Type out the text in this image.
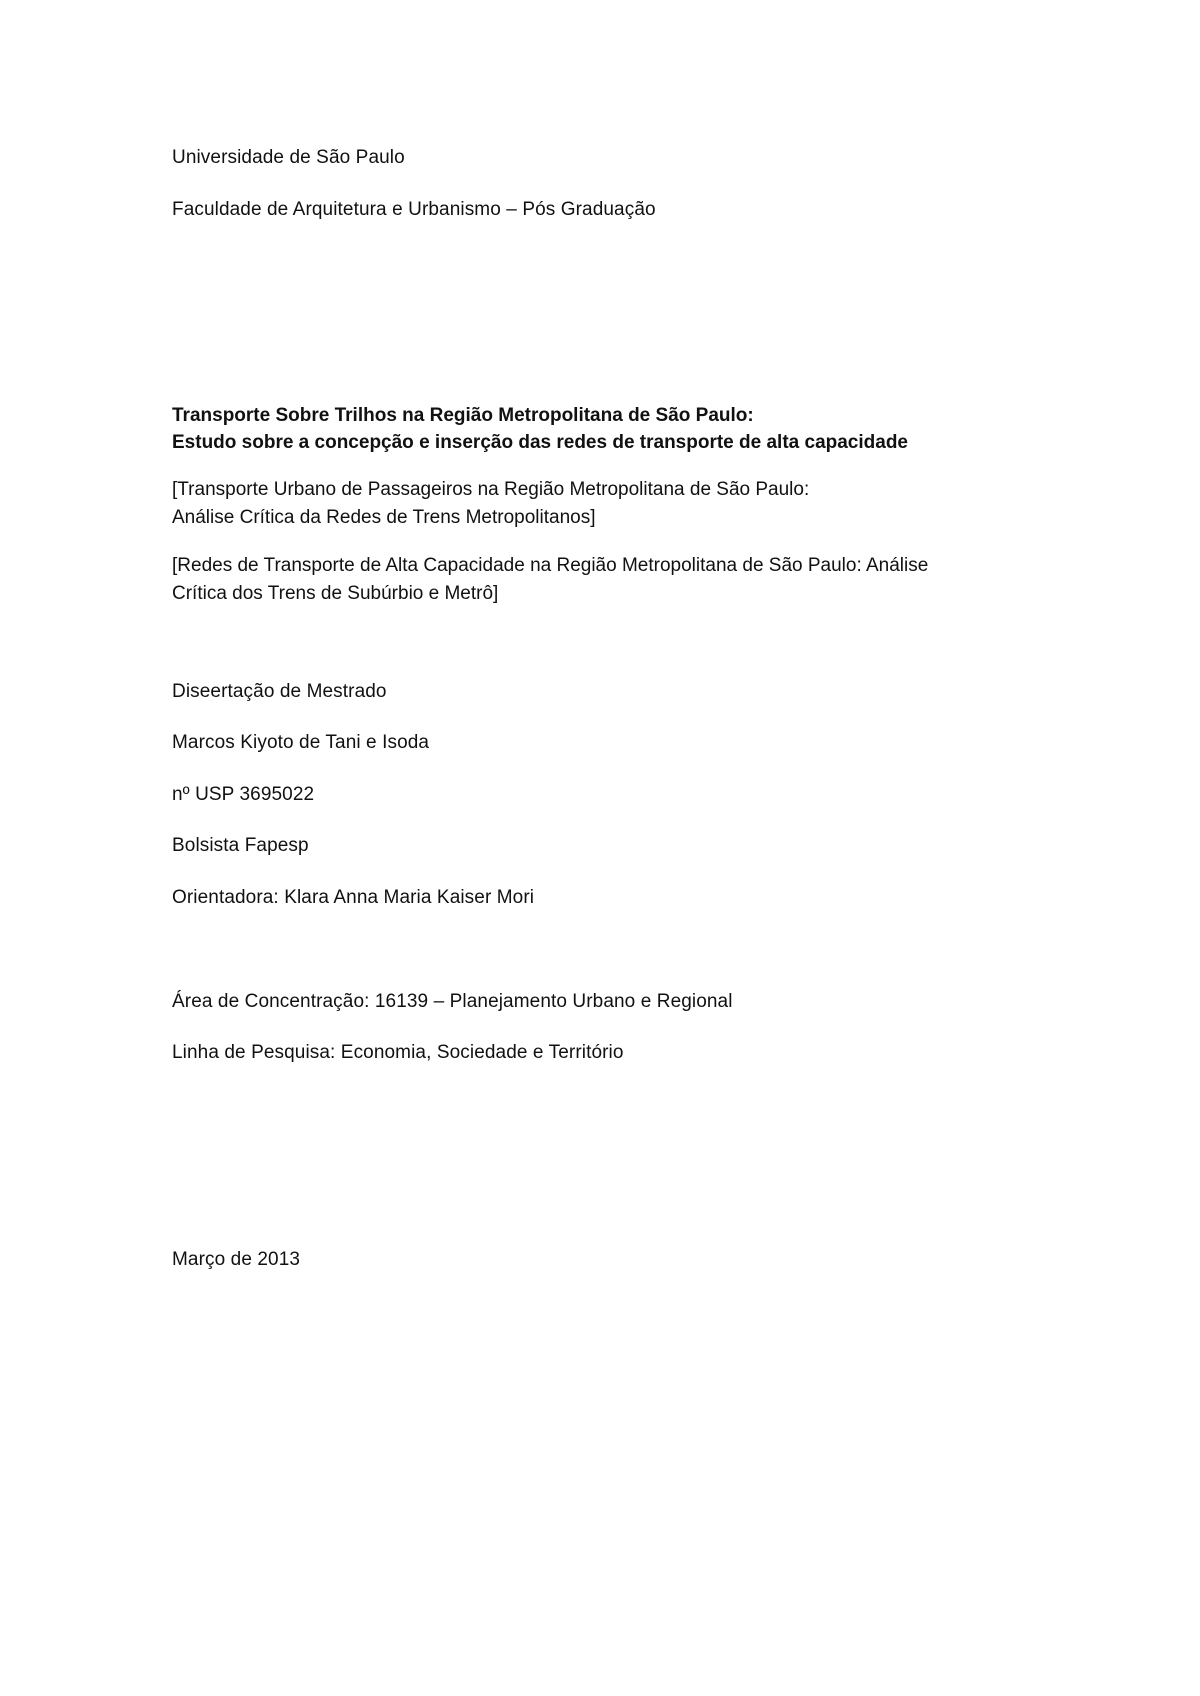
Universidade de São Paulo
Faculdade de Arquitetura e Urbanismo – Pós Graduação
Transporte Sobre Trilhos na Região Metropolitana de São Paulo:
Estudo sobre a concepção e inserção das redes de transporte de alta capacidade
[Transporte Urbano de Passageiros na Região Metropolitana de São Paulo:
Análise Crítica da Redes de Trens Metropolitanos]
[Redes de Transporte de Alta Capacidade na Região Metropolitana de São Paulo: Análise
Crítica dos Trens de Subúrbio e Metrô]
Diseertação de Mestrado
Marcos Kiyoto de Tani e Isoda
nº USP 3695022
Bolsista Fapesp
Orientadora: Klara Anna Maria Kaiser Mori
Área de Concentração: 16139 – Planejamento Urbano e Regional
Linha de Pesquisa: Economia, Sociedade e Território
Março de 2013
